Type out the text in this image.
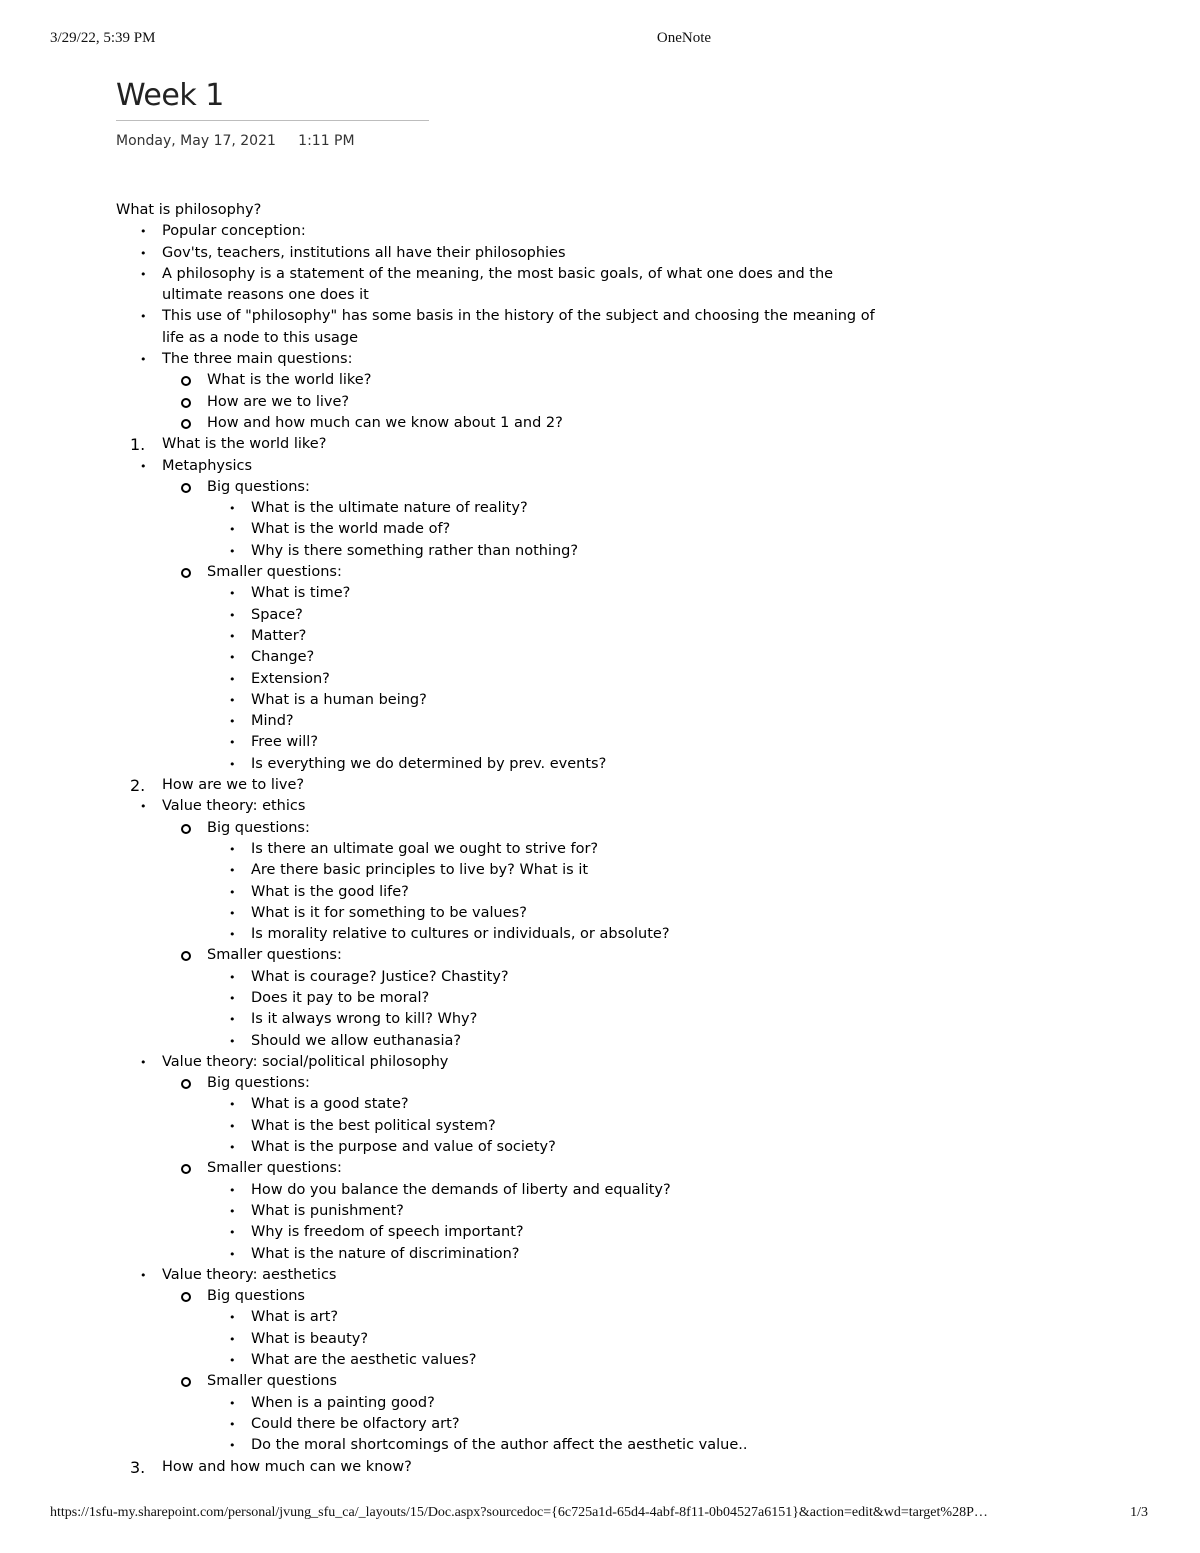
3/29/22, 5:39 PM	OneNote
Week 1
Monday, May 17, 2021     1:11 PM
What is philosophy?
• Popular conception:
• Gov'ts, teachers, institutions all have their philosophies
• A philosophy is a statement of the meaning, the most basic goals, of what one does and the
ultimate reasons one does it
• This use of "philosophy" has some basis in the history of the subject and choosing the meaning of
life as a node to this usage
• The three main questions:
What is the world like?
How are we to live?
How and how much can we know about 1 and 2?
1. What is the world like?
• Metaphysics
Big questions:
• What is the ultimate nature of reality?
• What is the world made of?
• Why is there something rather than nothing?
Smaller questions:
• What is time?
• Space?
• Matter?
• Change?
• Extension?
• What is a human being?
• Mind?
• Free will?
• Is everything we do determined by prev. events?
2. How are we to live?
• Value theory: ethics
Big questions:
• Is there an ultimate goal we ought to strive for?
• Are there basic principles to live by? What is it
• What is the good life?
• What is it for something to be values?
• Is morality relative to cultures or individuals, or absolute?
Smaller questions:
• What is courage? Justice? Chastity?
• Does it pay to be moral?
• Is it always wrong to kill? Why?
• Should we allow euthanasia?
• Value theory: social/political philosophy
Big questions:
• What is a good state?
• What is the best political system?
• What is the purpose and value of society?
Smaller questions:
• How do you balance the demands of liberty and equality?
• What is punishment?
• Why is freedom of speech important?
• What is the nature of discrimination?
• Value theory: aesthetics
Big questions
• What is art?
• What is beauty?
• What are the aesthetic values?
Smaller questions
• When is a painting good?
• Could there be olfactory art?
• Do the moral shortcomings of the author affect the aesthetic value..
3. How and how much can we know?
https://1sfu-my.sharepoint.com/personal/jvung_sfu_ca/_layouts/15/Doc.aspx?sourcedoc={6c725a1d-65d4-4abf-8f11-0b04527a6151}&action=edit&wd=target%28P…	1/3
